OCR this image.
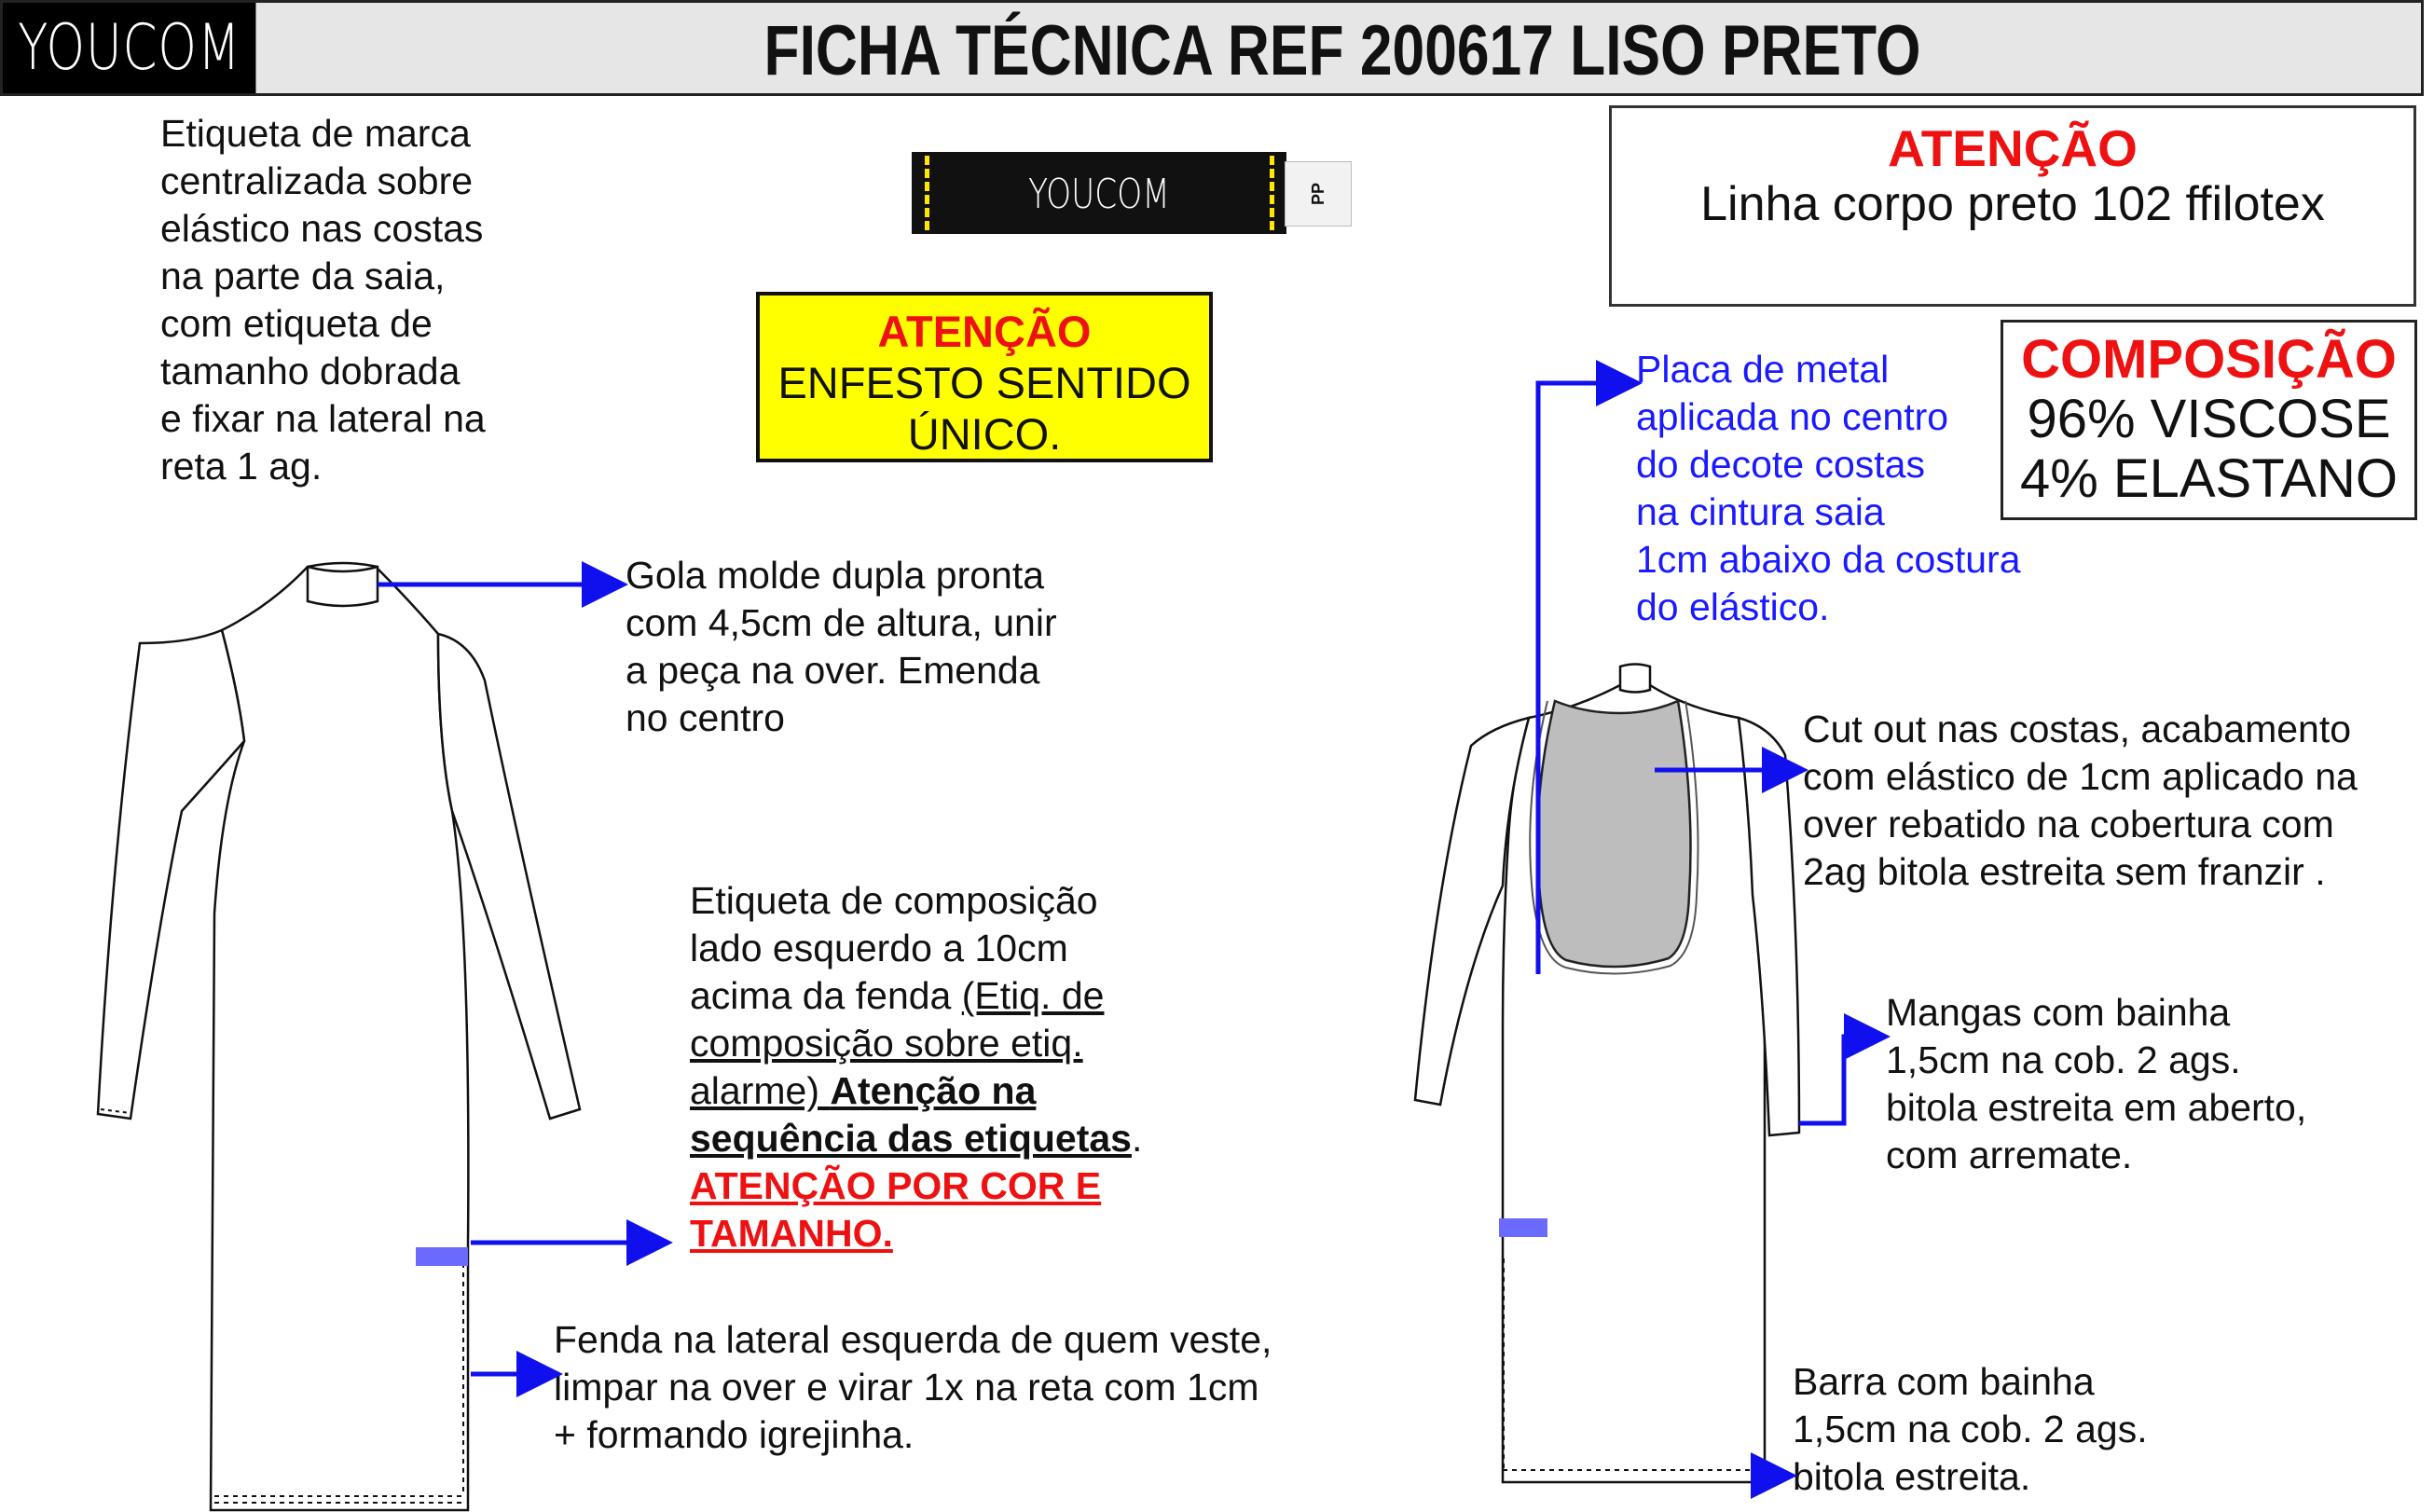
YOUCOM	FICHA TÉCNICA REF 200617 LISO PRETO
YOUCOM	PP
Etiqueta de marca
centralizada sobre
elástico nas costas
na parte da saia,
com etiqueta de
tamanho dobrada
e fixar na lateral na
reta 1 ag.
ATENÇÃO
ENFESTO SENTIDO
ÚNICO.
ATENÇÃO
Linha corpo preto 102 ffilotex
COMPOSIÇÃO
96% VISCOSE
4% ELASTANO
Gola molde dupla pronta
com 4,5cm de altura, unir
a peça na over. Emenda
no centro
Placa de metal
aplicada no centro
do decote costas
na cintura saia
1cm abaixo da costura
do elástico.
Cut out nas costas, acabamento
com elástico de 1cm aplicado na
over rebatido na cobertura com
2ag bitola estreita sem franzir .
Etiqueta de composição
lado esquerdo a 10cm
acima da fenda (Etiq. de
composição sobre etiq.
alarme) Atenção na
sequência das etiquetas.
ATENÇÃO POR COR E
TAMANHO.
Mangas com bainha
1,5cm na cob. 2 ags.
bitola estreita em aberto,
com arremate.
Fenda na lateral esquerda de quem veste,
limpar na over e virar 1x na reta com 1cm
+ formando igrejinha.
Barra com bainha
1,5cm na cob. 2 ags.
bitola estreita.
